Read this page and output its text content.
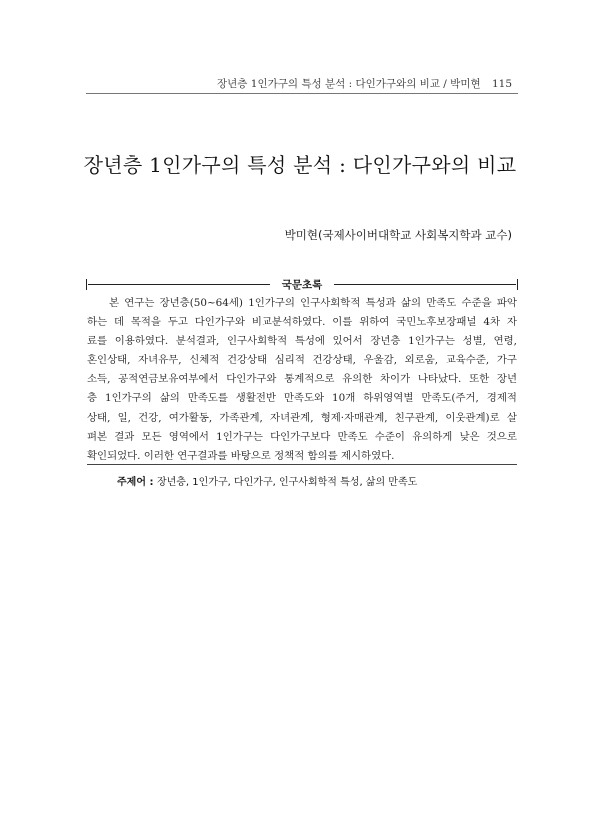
장년층 1인가구의 특성 분석 : 다인가구와의 비교 / 박미현 115
장년층 1인가구의 특성 분석 : 다인가구와의 비교
박미현(국제사이버대학교 사회복지학과 교수)
국문초록
본 연구는 장년층(50~64세) 1인가구의 인구사회학적 특성과 삶의 만족도 수준을 파악
하는 데 목적을 두고 다인가구와 비교분석하였다. 이를 위하여 국민노후보장패널 4차 자
료를 이용하였다. 분석결과, 인구사회학적 특성에 있어서 장년층 1인가구는 성별, 연령,
혼인상태, 자녀유무, 신체적 건강상태 심리적 건강상태, 우울감, 외로움, 교육수준, 가구
소득, 공적연금보유여부에서 다인가구와 통계적으로 유의한 차이가 나타났다. 또한 장년
층 1인가구의 삶의 만족도를 생활전반 만족도와 10개 하위영역별 만족도(주거, 경제적
상태, 일, 건강, 여가활동, 가족관계, 자녀관계, 형제·자매관계, 친구관계, 이웃관계)로 살
펴본 결과 모든 영역에서 1인가구는 다인가구보다 만족도 수준이 유의하게 낮은 것으로
확인되었다. 이러한 연구결과를 바탕으로 정책적 함의를 제시하였다.
주제어 : 장년층, 1인가구, 다인가구, 인구사회학적 특성, 삶의 만족도
